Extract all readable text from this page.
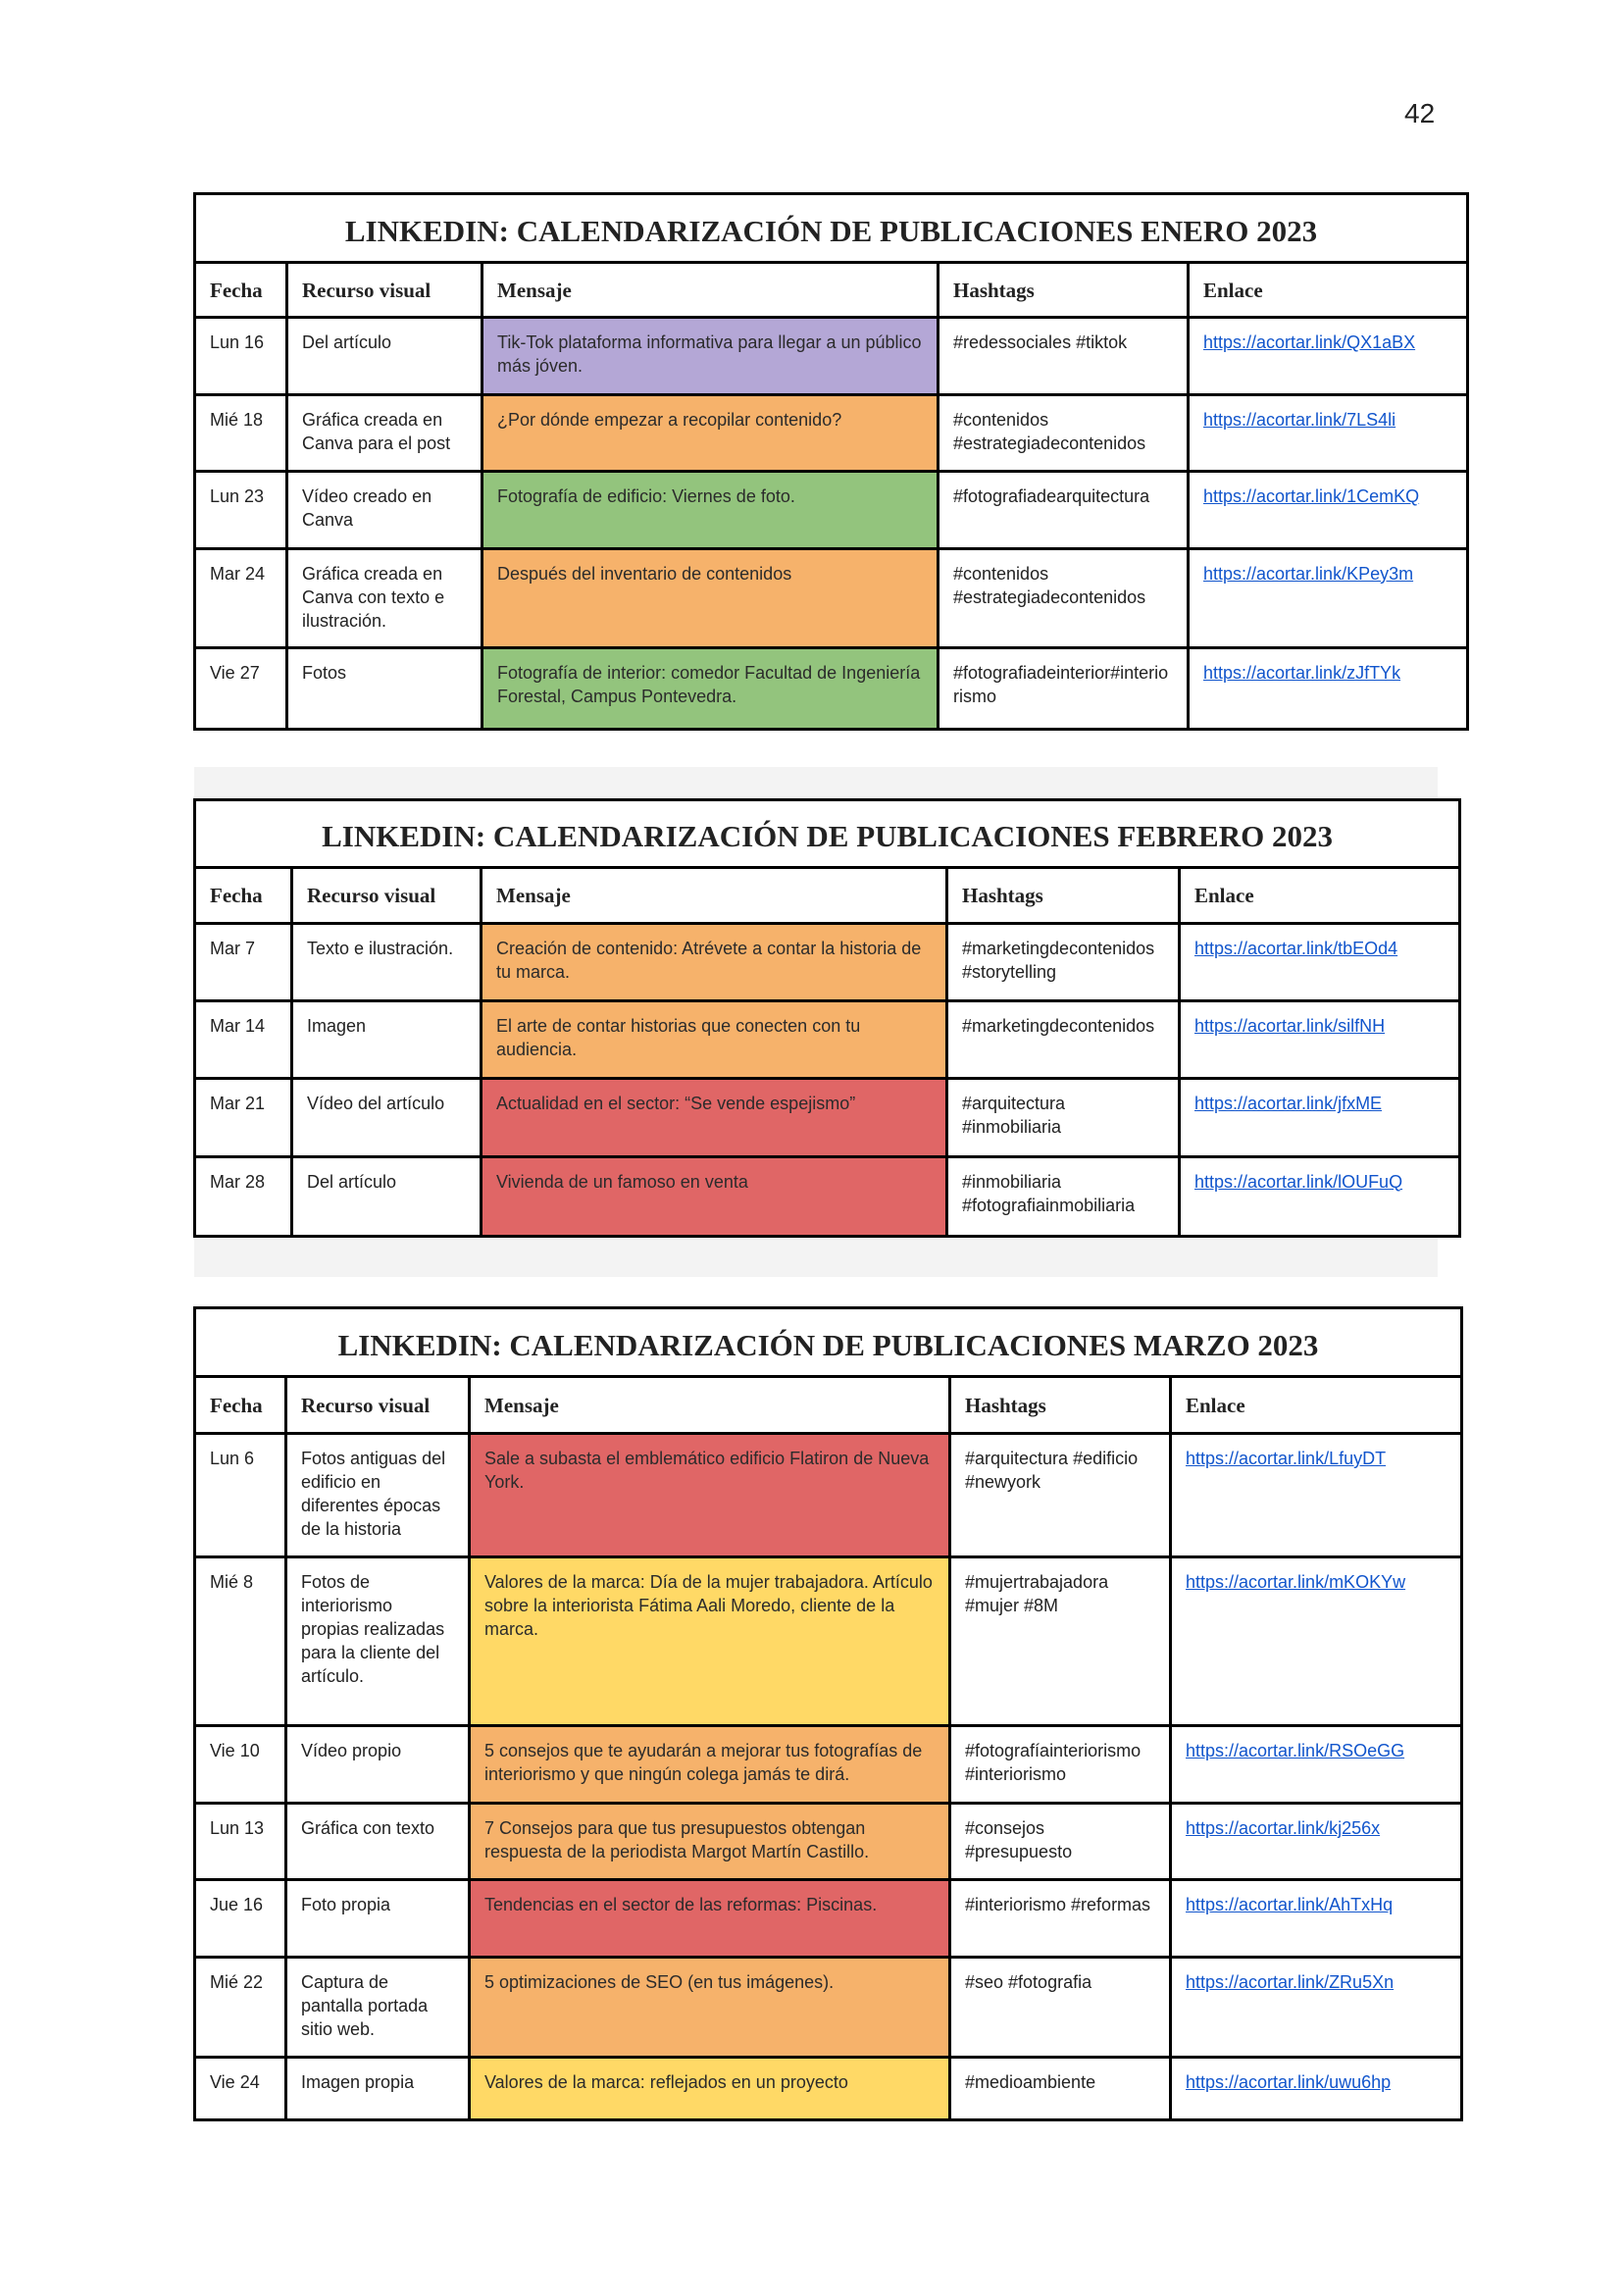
42
LINKEDIN: CALENDARIZACIÓN DE PUBLICACIONES ENERO 2023				
Fecha	Recurso visual	Mensaje	Hashtags	Enlace
Lun 16	Del artículo	Tik-Tok plataforma informativa para llegar a un público más jóven.	#redessociales #tiktok	https://acortar.link/QX1aBX
Mié 18	Gráfica creada en Canva para el post	¿Por dónde empezar a recopilar contenido?	#contenidos #estrategiadecontenidos	https://acortar.link/7LS4li
Lun 23	Vídeo creado en Canva	Fotografía de edificio: Viernes de foto.	#fotografiadearquitectura	https://acortar.link/1CemKQ
Mar 24	Gráfica creada en Canva con texto e ilustración.	Después del inventario de contenidos	#contenidos #estrategiadecontenidos	https://acortar.link/KPey3m
Vie 27	Fotos	Fotografía de interior: comedor Facultad de Ingeniería Forestal, Campus Pontevedra.	#fotografiadeinterior#interiorismo	https://acortar.link/zJfTYk
LINKEDIN: CALENDARIZACIÓN DE PUBLICACIONES FEBRERO 2023				
Fecha	Recurso visual	Mensaje	Hashtags	Enlace
Mar 7	Texto e ilustración.	Creación de contenido: Atrévete a contar la historia de tu marca.	#marketingdecontenidos #storytelling	https://acortar.link/tbEOd4
Mar 14	Imagen	El arte de contar historias que conecten con tu audiencia.	#marketingdecontenidos	https://acortar.link/silfNH
Mar 21	Vídeo del artículo	Actualidad en el sector: “Se vende espejismo”	#arquitectura #inmobiliaria	https://acortar.link/jfxME
Mar 28	Del artículo	Vivienda de un famoso en venta	#inmobiliaria #fotografiainmobiliaria	https://acortar.link/lOUFuQ
LINKEDIN: CALENDARIZACIÓN DE PUBLICACIONES MARZO 2023				
Fecha	Recurso visual	Mensaje	Hashtags	Enlace
Lun 6	Fotos antiguas del edificio en diferentes épocas de la historia	Sale a subasta el emblemático edificio Flatiron de Nueva York.	#arquitectura #edificio #newyork	https://acortar.link/LfuyDT
Mié 8	Fotos de interiorismo propias realizadas para la cliente del artículo.	Valores de la marca: Día de la mujer trabajadora. Artículo sobre la interiorista Fátima Aali Moredo, cliente de la marca.	#mujertrabajadora #mujer #8M	https://acortar.link/mKOKYw
Vie 10	Vídeo propio	5 consejos que te ayudarán a mejorar tus fotografías de interiorismo y que ningún colega jamás te dirá.	#fotografíainteriorismo #interiorismo	https://acortar.link/RSOeGG
Lun 13	Gráfica con texto	7 Consejos para que tus presupuestos obtengan respuesta de la periodista Margot Martín Castillo.	#consejos #presupuesto	https://acortar.link/kj256x
Jue 16	Foto propia	Tendencias en el sector de las reformas: Piscinas.	#interiorismo #reformas	https://acortar.link/AhTxHq
Mié 22	Captura de pantalla portada sitio web.	5 optimizaciones de SEO (en tus imágenes).	#seo #fotografia	https://acortar.link/ZRu5Xn
Vie 24	Imagen propia	Valores de la marca: reflejados en un proyecto	#medioambiente	https://acortar.link/uwu6hp
